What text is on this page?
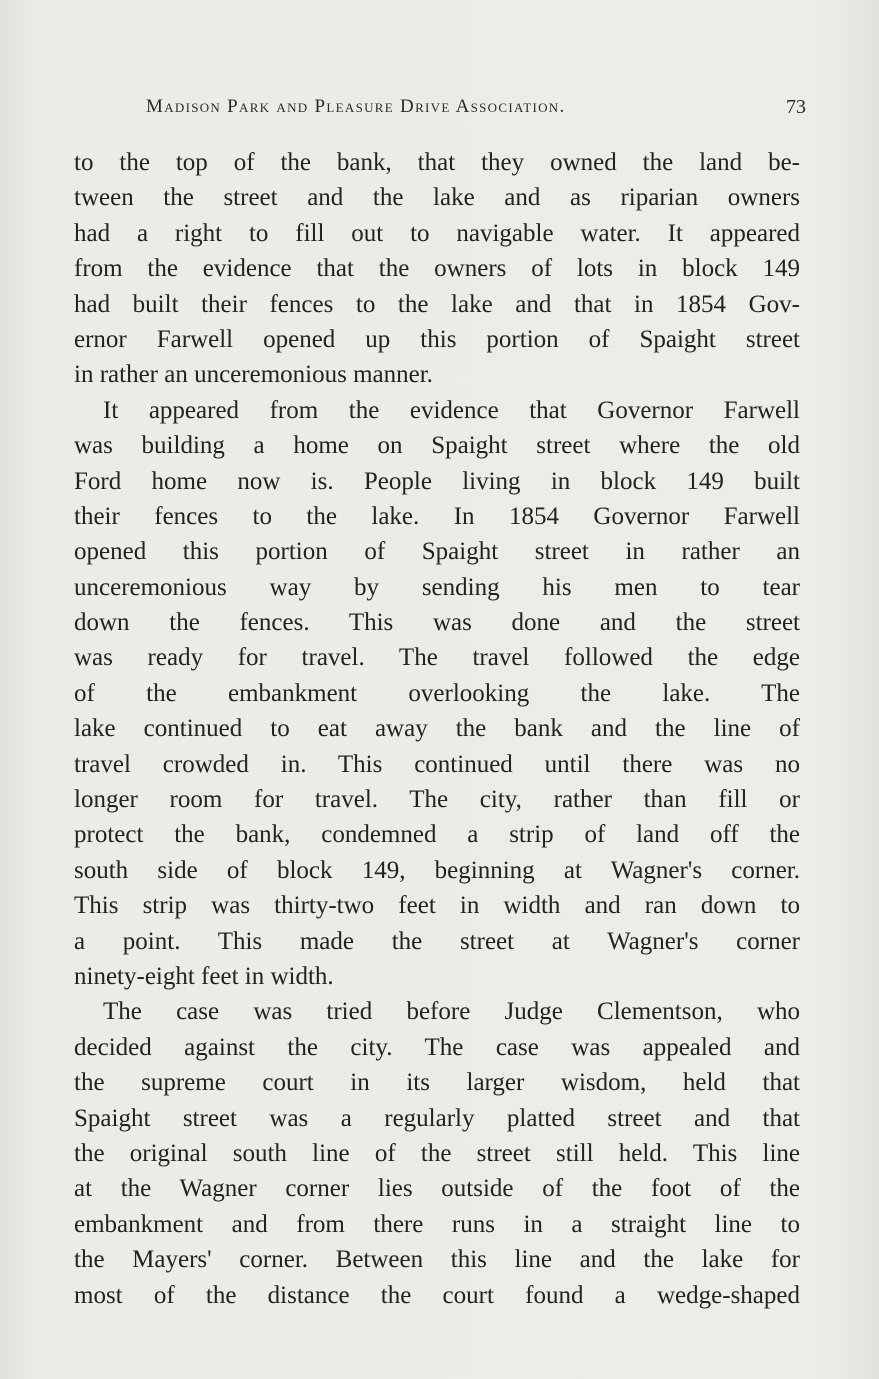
Madison Park and Pleasure Drive Association.	73
to the top of the bank, that they owned the land be-
tween the street and the lake and as riparian owners
had a right to fill out to navigable water. It appeared
from the evidence that the owners of lots in block 149
had built their fences to the lake and that in 1854 Gov-
ernor Farwell opened up this portion of Spaight street
in rather an unceremonious manner.
It appeared from the evidence that Governor Farwell
was building a home on Spaight street where the old
Ford home now is. People living in block 149 built
their fences to the lake. In 1854 Governor Farwell
opened this portion of Spaight street in rather an
unceremonious way by sending his men to tear
down the fences. This was done and the street
was ready for travel. The travel followed the edge
of the embankment overlooking the lake. The
lake continued to eat away the bank and the line of
travel crowded in. This continued until there was no
longer room for travel. The city, rather than fill or
protect the bank, condemned a strip of land off the
south side of block 149, beginning at Wagner's corner.
This strip was thirty-two feet in width and ran down to
a point. This made the street at Wagner's corner
ninety-eight feet in width.
The case was tried before Judge Clementson, who
decided against the city. The case was appealed and
the supreme court in its larger wisdom, held that
Spaight street was a regularly platted street and that
the original south line of the street still held. This line
at the Wagner corner lies outside of the foot of the
embankment and from there runs in a straight line to
the Mayers' corner. Between this line and the lake for
most of the distance the court found a wedge-shaped
